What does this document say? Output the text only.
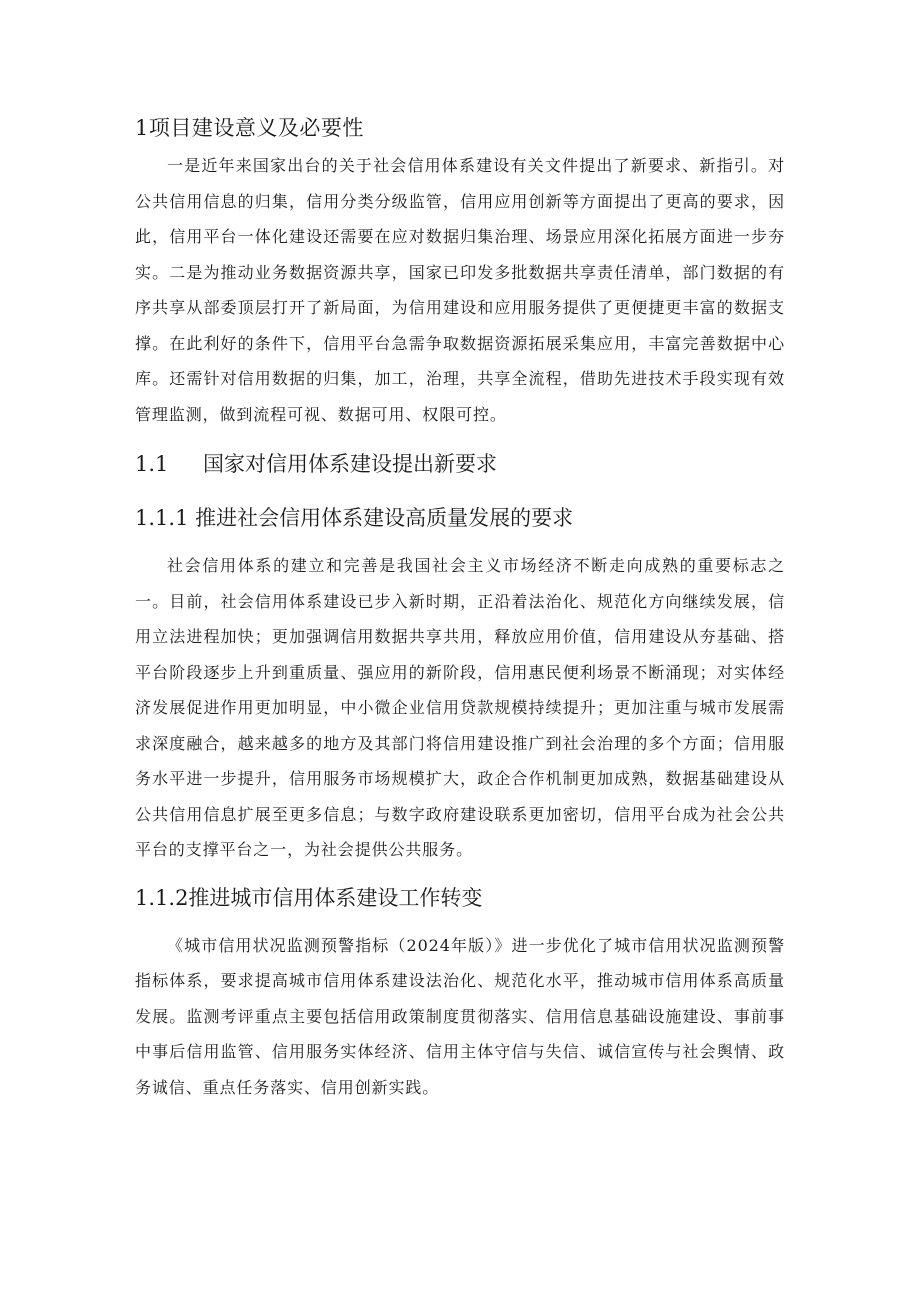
1项目建设意义及必要性

一是近年来国家出台的关于社会信用体系建设有关文件提出了新要求、新指引。对公共信用信息的归集，信用分类分级监管，信用应用创新等方面提出了更高的要求，因此，信用平台一体化建设还需要在应对数据归集治理、场景应用深化拓展方面进一步夯实。二是为推动业务数据资源共享，国家已印发多批数据共享责任清单，部门数据的有序共享从部委顶层打开了新局面，为信用建设和应用服务提供了更便捷更丰富的数据支撑。在此利好的条件下，信用平台急需争取数据资源拓展采集应用，丰富完善数据中心库。还需针对信用数据的归集，加工，治理，共享全流程，借助先进技术手段实现有效管理监测，做到流程可视、数据可用、权限可控。

1.1 国家对信用体系建设提出新要求
1.1.1 推进社会信用体系建设高质量发展的要求

社会信用体系的建立和完善是我国社会主义市场经济不断走向成熟的重要标志之一。目前，社会信用体系建设已步入新时期，正沿着法治化、规范化方向继续发展，信用立法进程加快；更加强调信用数据共享共用，释放应用价值，信用建设从夯基础、搭平台阶段逐步上升到重质量、强应用的新阶段，信用惠民便利场景不断涌现；对实体经济发展促进作用更加明显，中小微企业信用贷款规模持续提升；更加注重与城市发展需求深度融合，越来越多的地方及其部门将信用建设推广到社会治理的多个方面；信用服务水平进一步提升，信用服务市场规模扩大，政企合作机制更加成熟，数据基础建设从公共信用信息扩展至更多信息；与数字政府建设联系更加密切，信用平台成为社会公共平台的支撑平台之一，为社会提供公共服务。

1.1.2推进城市信用体系建设工作转变

《城市信用状况监测预警指标（2024年版）》进一步优化了城市信用状况监测预警指标体系，要求提高城市信用体系建设法治化、规范化水平，推动城市信用体系高质量发展。监测考评重点主要包括信用政策制度贯彻落实、信用信息基础设施建设、事前事中事后信用监管、信用服务实体经济、信用主体守信与失信、诚信宣传与社会舆情、政务诚信、重点任务落实、信用创新实践。
